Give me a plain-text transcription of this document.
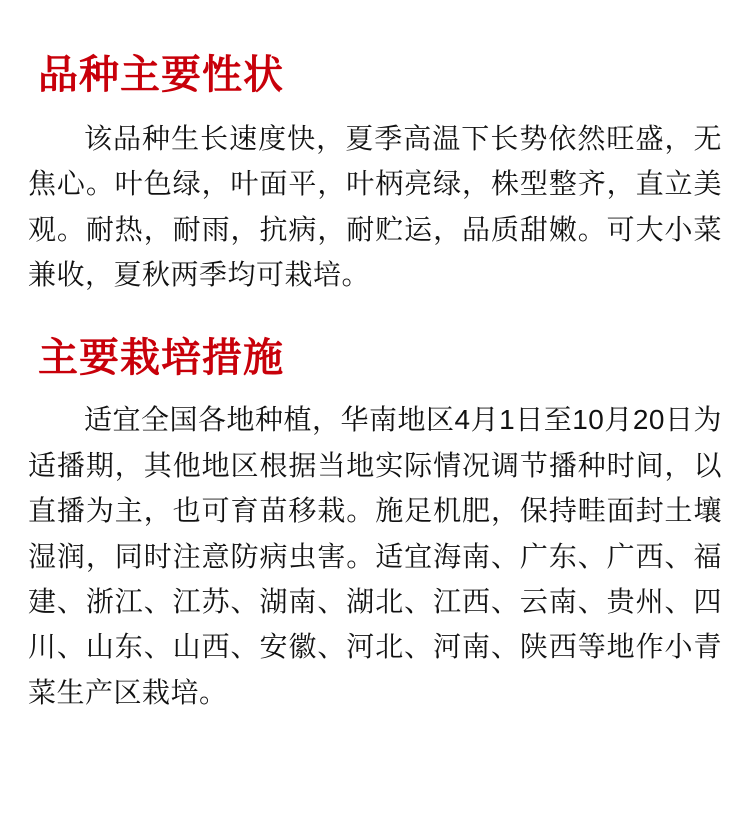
品种主要性状

该品种生长速度快，夏季高温下长势依然旺盛，无焦心。叶色绿，叶面平，叶柄亮绿，株型整齐，直立美观。耐热，耐雨，抗病，耐贮运，品质甜嫩。可大小菜兼收，夏秋两季均可栽培。

主要栽培措施

适宜全国各地种植，华南地区4月1日至10月20日为适播期，其他地区根据当地实际情况调节播种时间，以直播为主，也可育苗移栽。施足机肥，保持畦面封土壤湿润，同时注意防病虫害。适宜海南、广东、广西、福建、浙江、江苏、湖南、湖北、江西、云南、贵州、四川、山东、山西、安徽、河北、河南、陕西等地作小青菜生产区栽培。
